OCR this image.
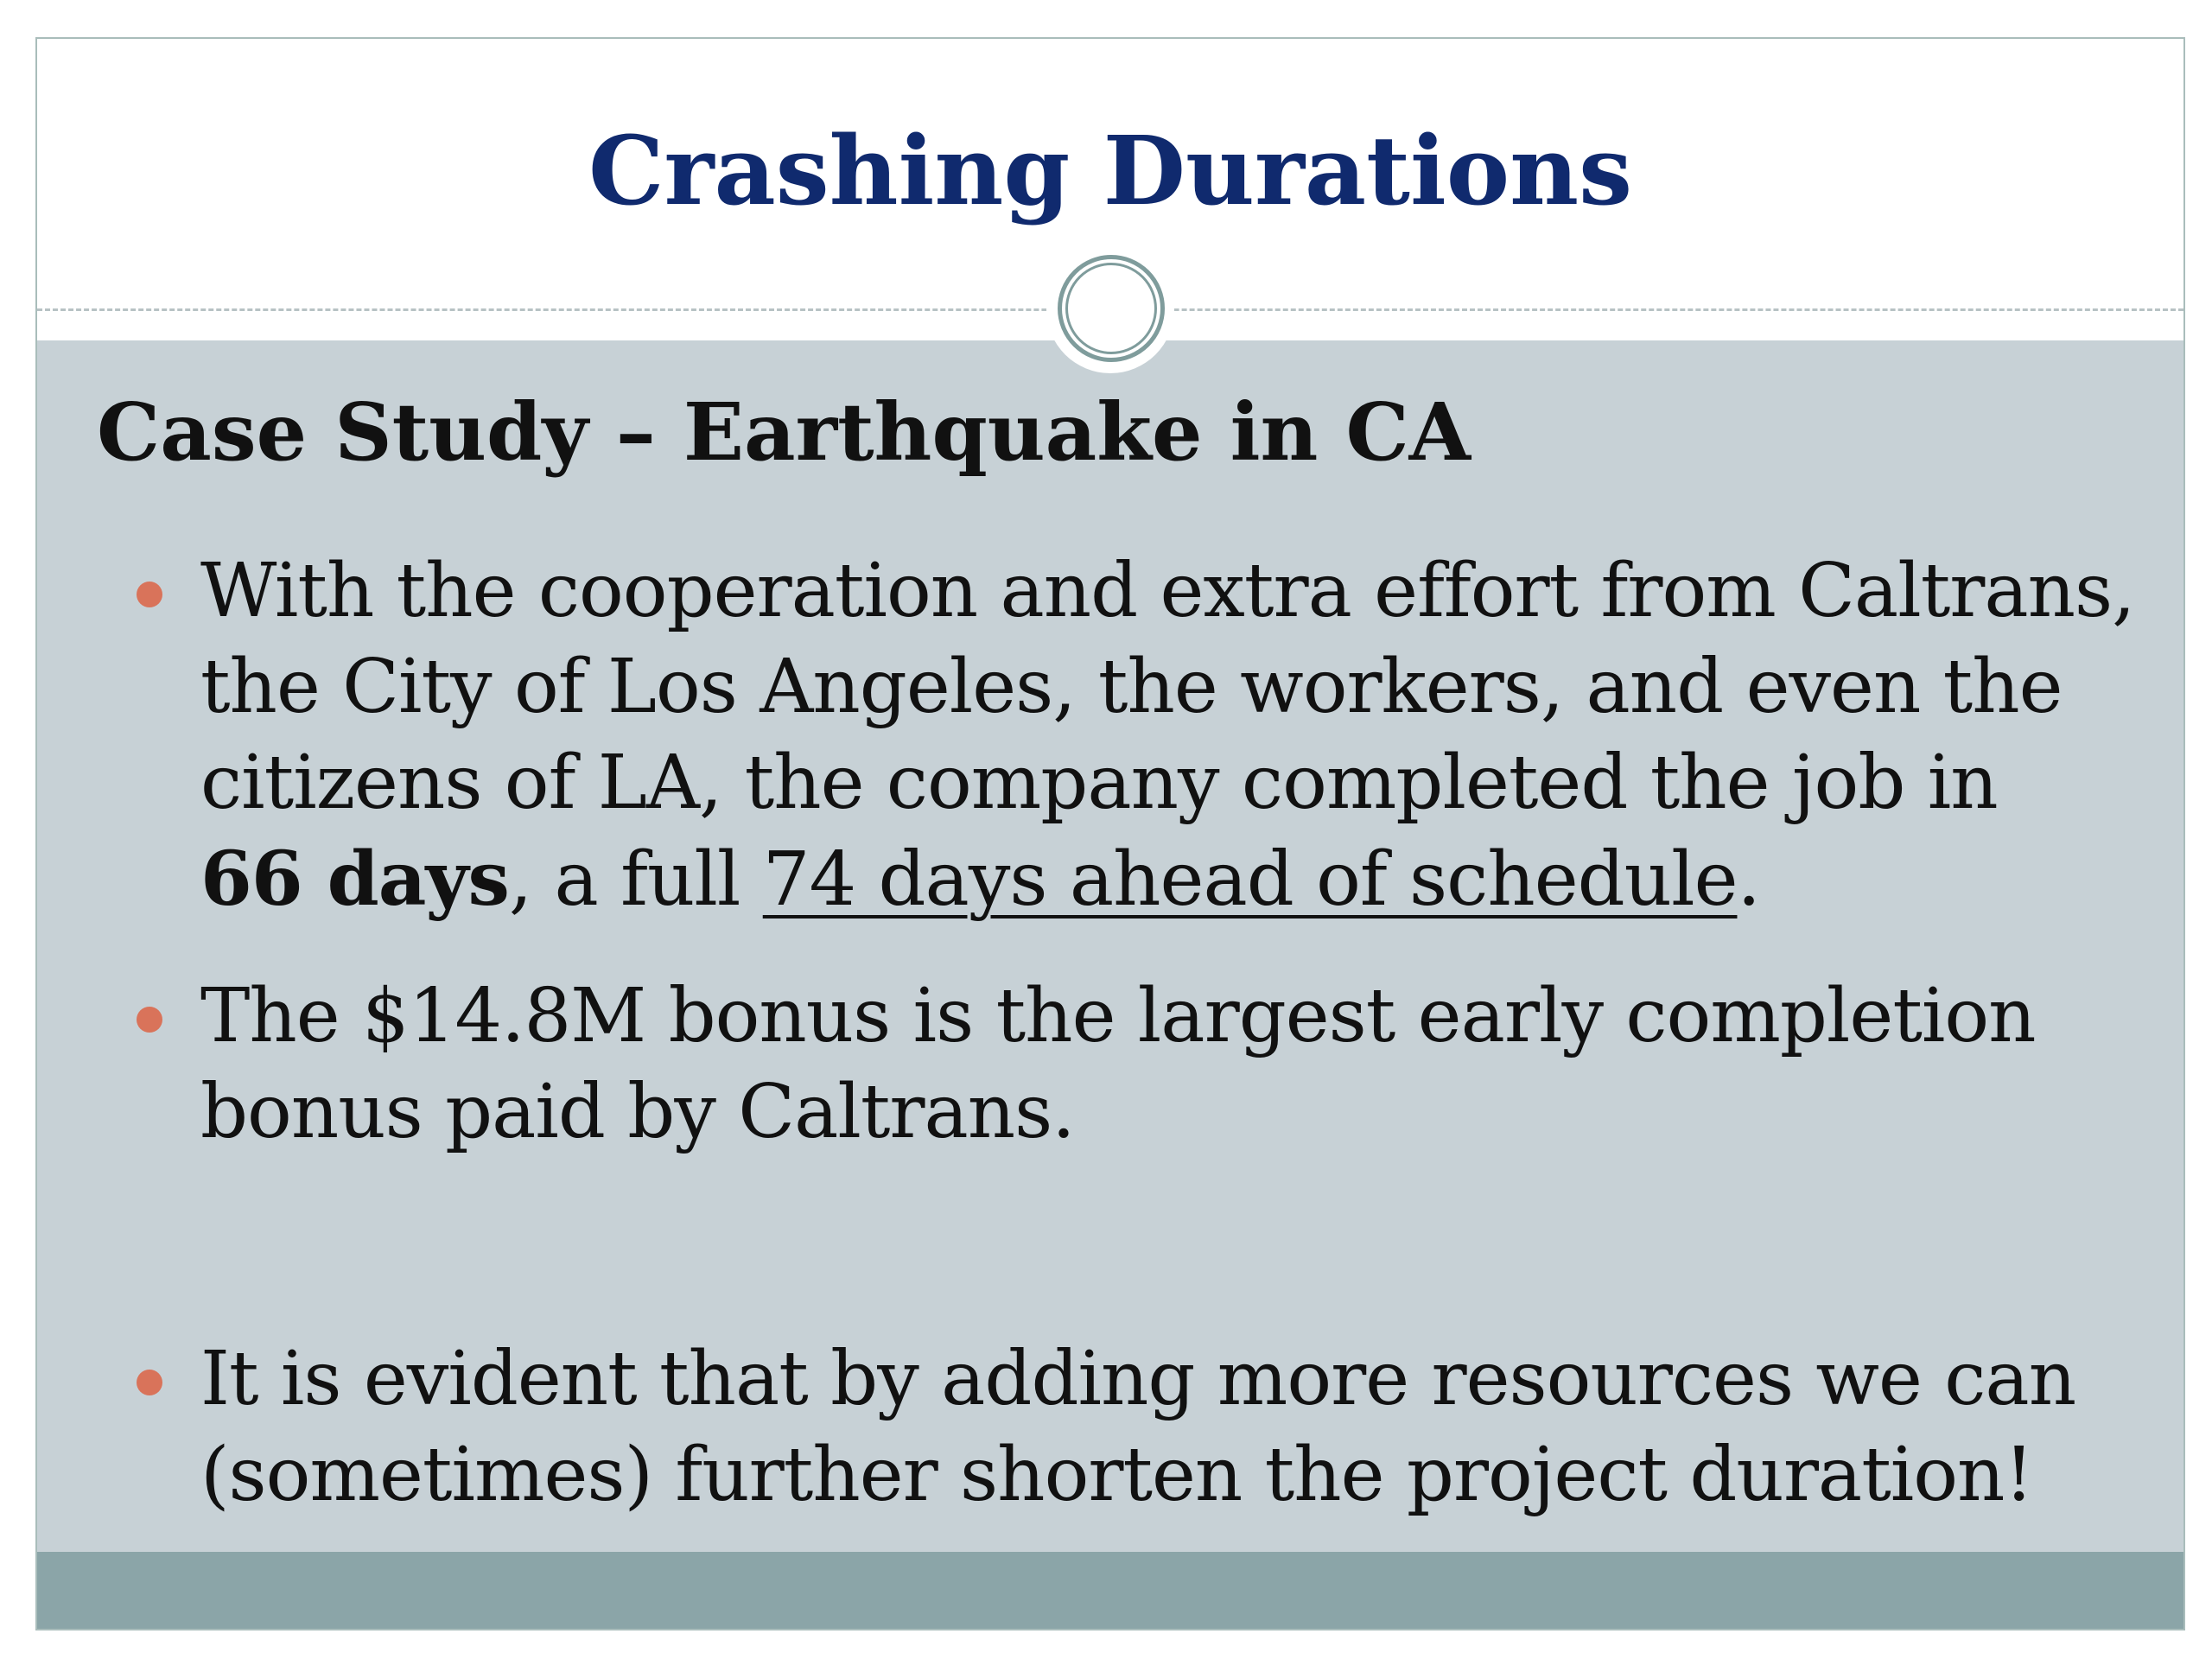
Crashing Durations
Case Study – Earthquake in CA

With the cooperation and extra effort from Caltrans,
the City of Los Angeles, the workers, and even the
citizens of LA, the company completed the job in
66 days, a full 74 days ahead of schedule.

The $14.8M bonus is the largest early completion
bonus paid by Caltrans.

It is evident that by adding more resources we can
(sometimes) further shorten the project duration!
